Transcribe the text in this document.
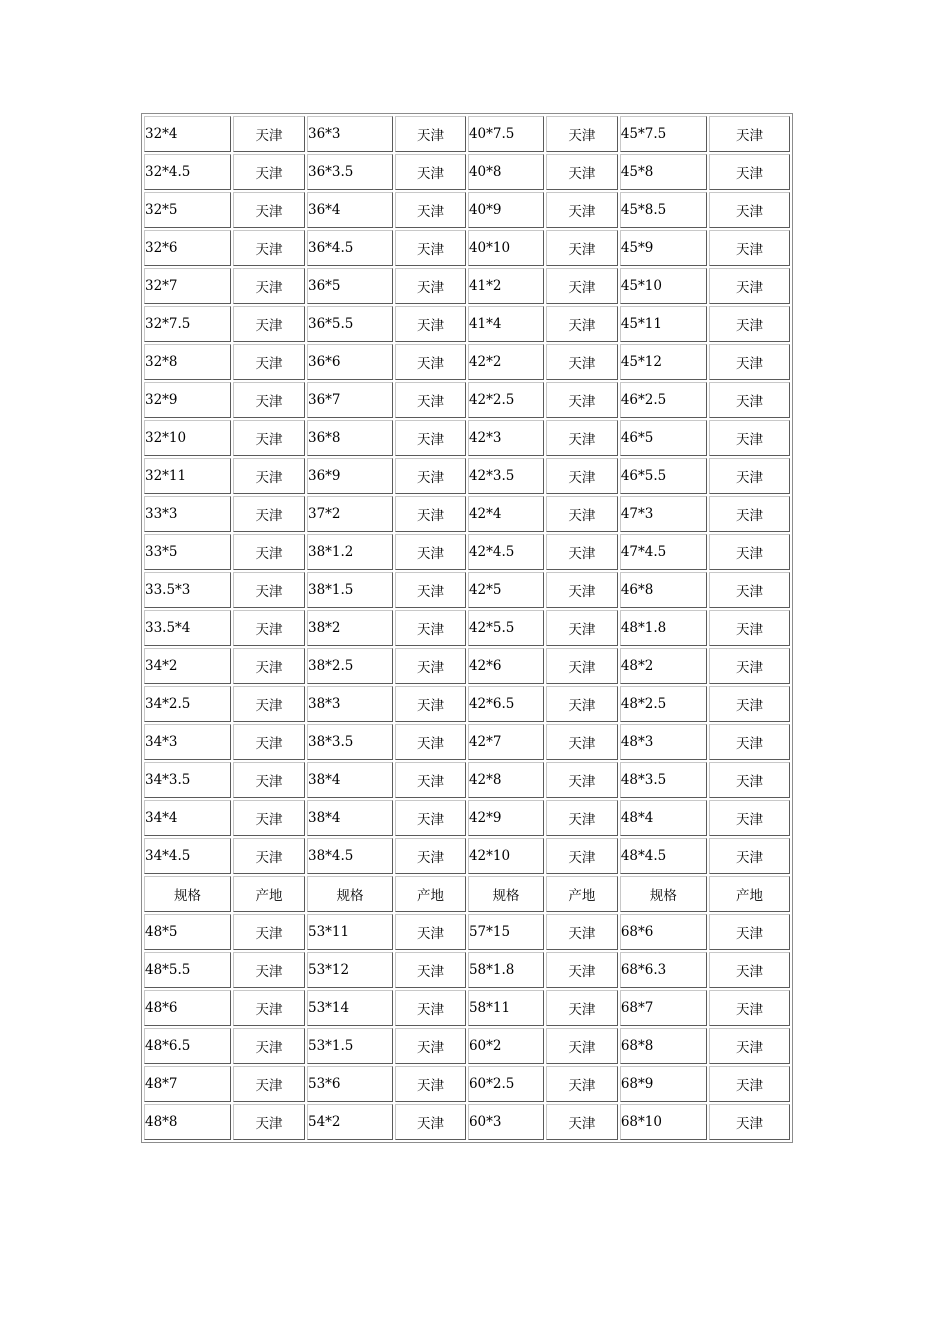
32*4	天津	36*3	天津	40*7.5	天津	45*7.5	天津
32*4.5	天津	36*3.5	天津	40*8	天津	45*8	天津
32*5	天津	36*4	天津	40*9	天津	45*8.5	天津
32*6	天津	36*4.5	天津	40*10	天津	45*9	天津
32*7	天津	36*5	天津	41*2	天津	45*10	天津
32*7.5	天津	36*5.5	天津	41*4	天津	45*11	天津
32*8	天津	36*6	天津	42*2	天津	45*12	天津
32*9	天津	36*7	天津	42*2.5	天津	46*2.5	天津
32*10	天津	36*8	天津	42*3	天津	46*5	天津
32*11	天津	36*9	天津	42*3.5	天津	46*5.5	天津
33*3	天津	37*2	天津	42*4	天津	47*3	天津
33*5	天津	38*1.2	天津	42*4.5	天津	47*4.5	天津
33.5*3	天津	38*1.5	天津	42*5	天津	46*8	天津
33.5*4	天津	38*2	天津	42*5.5	天津	48*1.8	天津
34*2	天津	38*2.5	天津	42*6	天津	48*2	天津
34*2.5	天津	38*3	天津	42*6.5	天津	48*2.5	天津
34*3	天津	38*3.5	天津	42*7	天津	48*3	天津
34*3.5	天津	38*4	天津	42*8	天津	48*3.5	天津
34*4	天津	38*4	天津	42*9	天津	48*4	天津
34*4.5	天津	38*4.5	天津	42*10	天津	48*4.5	天津
规格	产地	规格	产地	规格	产地	规格	产地
48*5	天津	53*11	天津	57*15	天津	68*6	天津
48*5.5	天津	53*12	天津	58*1.8	天津	68*6.3	天津
48*6	天津	53*14	天津	58*11	天津	68*7	天津
48*6.5	天津	53*1.5	天津	60*2	天津	68*8	天津
48*7	天津	53*6	天津	60*2.5	天津	68*9	天津
48*8	天津	54*2	天津	60*3	天津	68*10	天津
